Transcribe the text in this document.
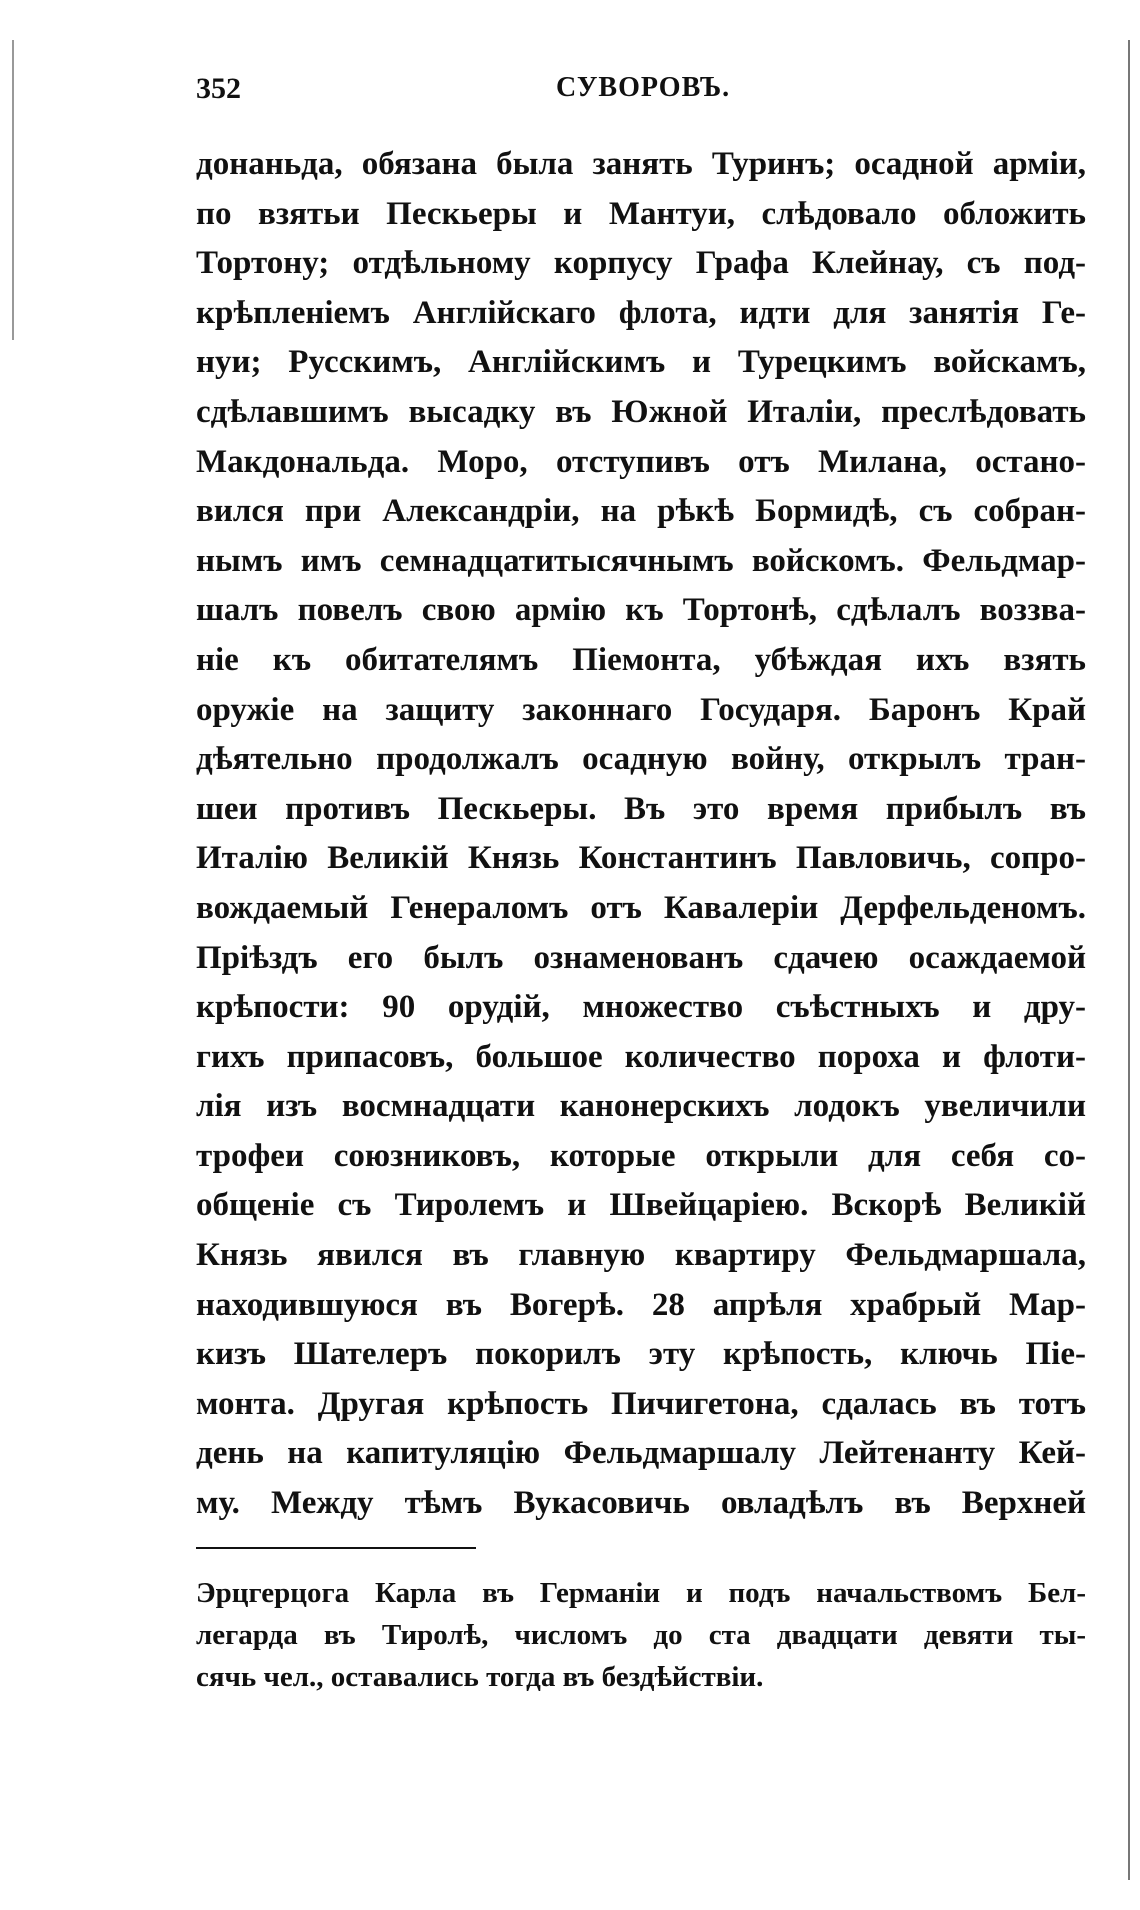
352	СУВОРОВЪ.
донаньда, обязана была занять Туринъ; осадной арміи,
по взятьи Пескьеры и Мантуи, слѣдовало обложить
Тортону; отдѣльному корпусу Графа Клейнау, съ под-
крѣпленіемъ Англійскаго флота, идти для занятія Ге-
нуи; Русскимъ, Англійскимъ и Турецкимъ войскамъ,
сдѣлавшимъ высадку въ Южной Италіи, преслѣдовать
Макдональда. Моро, отступивъ отъ Милана, остано-
вился при Александріи, на рѣкѣ Бормидѣ, съ собран-
нымъ имъ семнадцатитысячнымъ войскомъ. Фельдмар-
шалъ повелъ свою армію къ Тортонѣ, сдѣлалъ воззва-
ніе къ обитателямъ Піемонта, убѣждая ихъ взять
оружіе на защиту законнаго Государя. Баронъ Край
дѣятельно продолжалъ осадную войну, открылъ тран-
шеи противъ Пескьеры. Въ это время прибылъ въ
Италію Великій Князь Константинъ Павловичь, сопро-
вождаемый Генераломъ отъ Кавалеріи Дерфельденомъ.
Пріѣздъ его былъ ознаменованъ сдачею осаждаемой
крѣпости: 90 орудій, множество съѣстныхъ и дру-
гихъ припасовъ, большое количество пороха и флоти-
лія изъ восмнадцати канонерскихъ лодокъ увеличили
трофеи союзниковъ, которые открыли для себя со-
общеніе съ Тиролемъ и Швейцаріею. Вскорѣ Великій
Князь явился въ главную квартиру Фельдмаршала,
находившуюся въ Вогерѣ. 28 апрѣля храбрый Мар-
кизъ Шателеръ покорилъ эту крѣпость, ключь Піе-
монта. Другая крѣпость Пичигетона, сдалась въ тотъ
день на капитуляцію Фельдмаршалу Лейтенанту Кей-
му. Между тѣмъ Вукасовичь овладѣлъ въ Верхней
Эрцгерцога Карла въ Германіи и подъ начальствомъ Бел-
легарда въ Тиролѣ, числомъ до ста двадцати девяти ты-
сячь чел., оставались тогда въ бездѣйствіи.
